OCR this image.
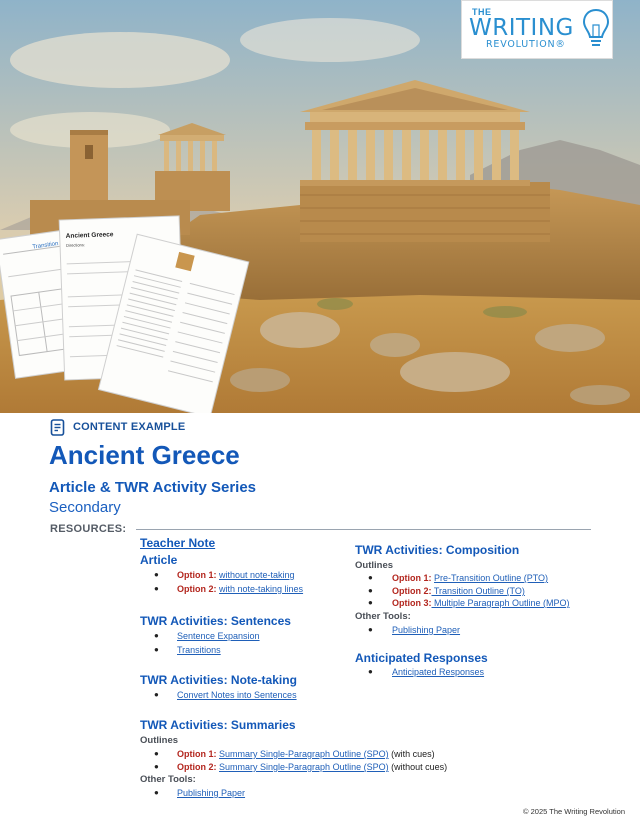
Transition
Ancient Greece
Directions:
THE
WRITING
REVOLUTION®
CONTENT EXAMPLE
Ancient Greece
Article & TWR Activity Series
Secondary
RESOURCES:
Teacher Note
Article
● Option 1: without note-taking
● Option 2: with note-taking lines
TWR Activities: Sentences
● Sentence Expansion
● Transitions
TWR Activities: Note-taking
● Convert Notes into Sentences
TWR Activities: Summaries
Outlines
● Option 1: Summary Single-Paragraph Outline (SPO) (with cues)
● Option 2: Summary Single-Paragraph Outline (SPO) (without cues)
Other Tools:
● Publishing Paper
TWR Activities: Composition
Outlines
● Option 1: Pre-Transition Outline (PTO)
● Option 2: Transition Outline (TO)
● Option 3: Multiple Paragraph Outline (MPO)
Other Tools:
● Publishing Paper
Anticipated Responses
● Anticipated Responses
© 2025 The Writing Revolution
